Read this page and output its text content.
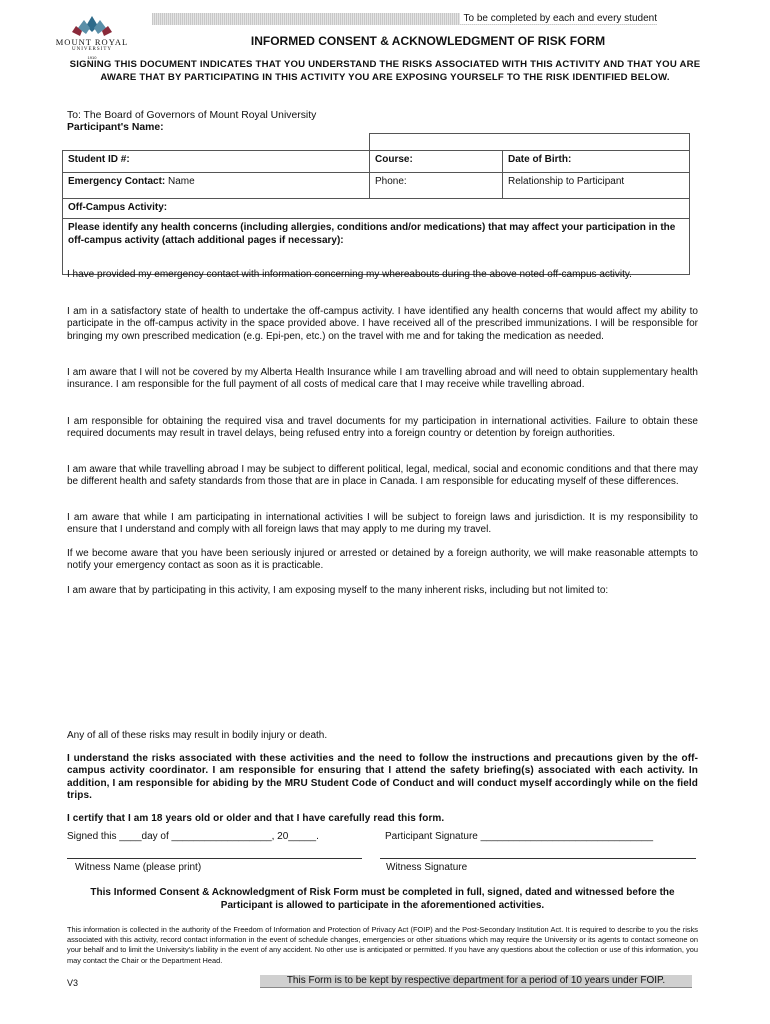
MOUNT ROYAL
UNIVERSITY
1910
To be completed by each and every student
INFORMED CONSENT & ACKNOWLEDGMENT OF RISK FORM
SIGNING THIS DOCUMENT INDICATES THAT YOU UNDERSTAND THE RISKS ASSOCIATED WITH THIS ACTIVITY AND THAT YOU ARE AWARE THAT BY PARTICIPATING IN THIS ACTIVITY YOU ARE EXPOSING YOURSELF TO THE RISK IDENTIFIED BELOW.
To: The Board of Governors of Mount Royal University
Participant's Name:

Student ID #:	Course:	Date of Birth:
Emergency Contact: Name	Phone:	Relationship to Participant
Off-Campus Activity:		
Please identify any health concerns (including allergies, conditions and/or medications) that may affect your participation in the off-campus activity (attach additional pages if necessary):		
I have provided my emergency contact with information concerning my whereabouts during the above noted off-campus activity.
I am in a satisfactory state of health to undertake the off-campus activity. I have identified any health concerns that would affect my ability to participate in the off-campus activity in the space provided above. I have received all of the prescribed immunizations. I will be responsible for bringing my own prescribed medication (e.g. Epi-pen, etc.) on the travel with me and for taking the medication as needed.
I am aware that I will not be covered by my Alberta Health Insurance while I am travelling abroad and will need to obtain supplementary health insurance. I am responsible for the full payment of all costs of medical care that I may receive while travelling abroad.
I am responsible for obtaining the required visa and travel documents for my participation in international activities. Failure to obtain these required documents may result in travel delays, being refused entry into a foreign country or detention by foreign authorities.
I am aware that while travelling abroad I may be subject to different political, legal, medical, social and economic conditions and that there may be different health and safety standards from those that are in place in Canada. I am responsible for educating myself of these differences.
I am aware that while I am participating in international activities I will be subject to foreign laws and jurisdiction. It is my responsibility to ensure that I understand and comply with all foreign laws that may apply to me during my travel.
If we become aware that you have been seriously injured or arrested or detained by a foreign authority, we will make reasonable attempts to notify your emergency contact as soon as it is practicable.
I am aware that by participating in this activity, I am exposing myself to the many inherent risks, including but not limited to:
Any of all of these risks may result in bodily injury or death.
I understand the risks associated with these activities and the need to follow the instructions and precautions given by the off-campus activity coordinator. I am responsible for ensuring that I attend the safety briefing(s) associated with each activity. In addition, I am responsible for abiding by the MRU Student Code of Conduct and will conduct myself accordingly while on the field trips.
I certify that I am 18 years old or older and that I have carefully read this form.
Signed this ____day of __________________, 20_____.	Participant Signature _______________________________
Witness Name (please print)	Witness Signature
This Informed Consent & Acknowledgment of Risk Form must be completed in full, signed, dated and witnessed before the Participant is allowed to participate in the aforementioned activities.
This information is collected in the authority of the Freedom of Information and Protection of Privacy Act (FOIP) and the Post-Secondary Institution Act. It is required to describe to you the risks associated with this activity, record contact information in the event of schedule changes, emergencies or other situations which may require the University or its agents to contact someone on your behalf and to limit the University's liability in the event of any accident. No other use is anticipated or permitted. If you have any questions about the collection or use of this information, you may contact the Chair or the Department Head.
V3	This Form is to be kept by respective department for a period of 10 years under FOIP.
